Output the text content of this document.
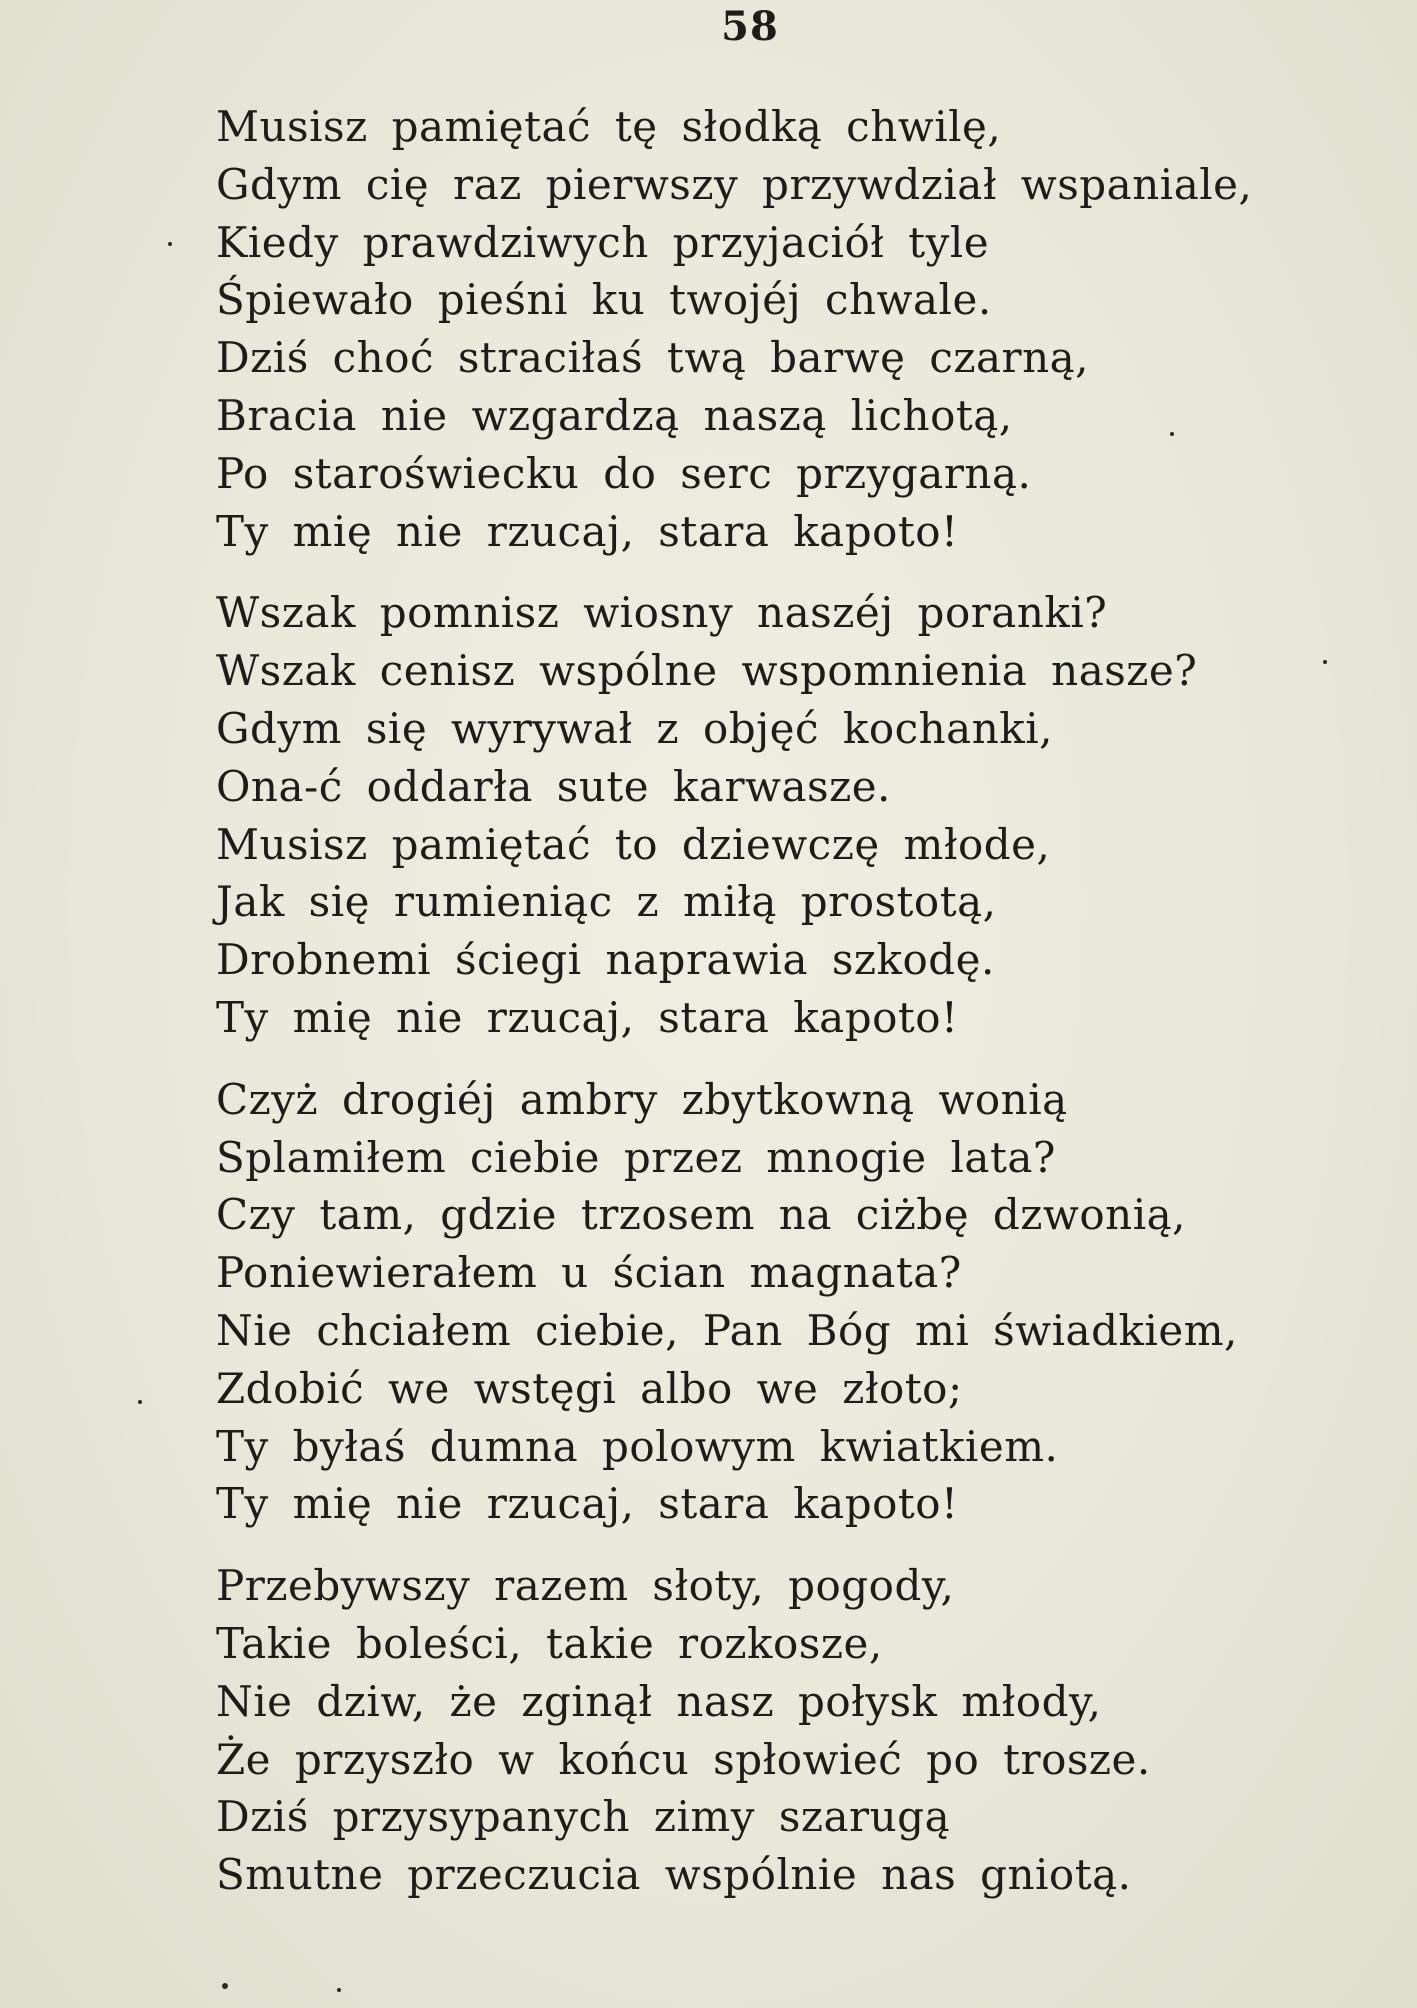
58
Musisz pamiętać tę słodką chwilę,
Gdym cię raz pierwszy przywdział wspaniale,
Kiedy prawdziwych przyjaciół tyle
Śpiewało pieśni ku twojéj chwale.
Dziś choć straciłaś twą barwę czarną,
Bracia nie wzgardzą naszą lichotą,
Po staroświecku do serc przygarną.
Ty mię nie rzucaj, stara kapoto!
Wszak pomnisz wiosny naszéj poranki?
Wszak cenisz wspólne wspomnienia nasze?
Gdym się wyrywał z objęć kochanki,
Ona-ć oddarła sute karwasze.
Musisz pamiętać to dziewczę młode,
Jak się rumieniąc z miłą prostotą,
Drobnemi ściegi naprawia szkodę.
Ty mię nie rzucaj, stara kapoto!
Czyż drogiéj ambry zbytkowną wonią
Splamiłem ciebie przez mnogie lata?
Czy tam, gdzie trzosem na ciżbę dzwonią,
Poniewierałem u ścian magnata?
Nie chciałem ciebie, Pan Bóg mi świadkiem,
Zdobić we wstęgi albo we złoto;
Ty byłaś dumna polowym kwiatkiem.
Ty mię nie rzucaj, stara kapoto!
Przebywszy razem słoty, pogody,
Takie boleści, takie rozkosze,
Nie dziw, że zginął nasz połysk młody,
Że przyszło w końcu spłowieć po trosze.
Dziś przysypanych zimy szarugą
Smutne przeczucia wspólnie nas gniotą.
